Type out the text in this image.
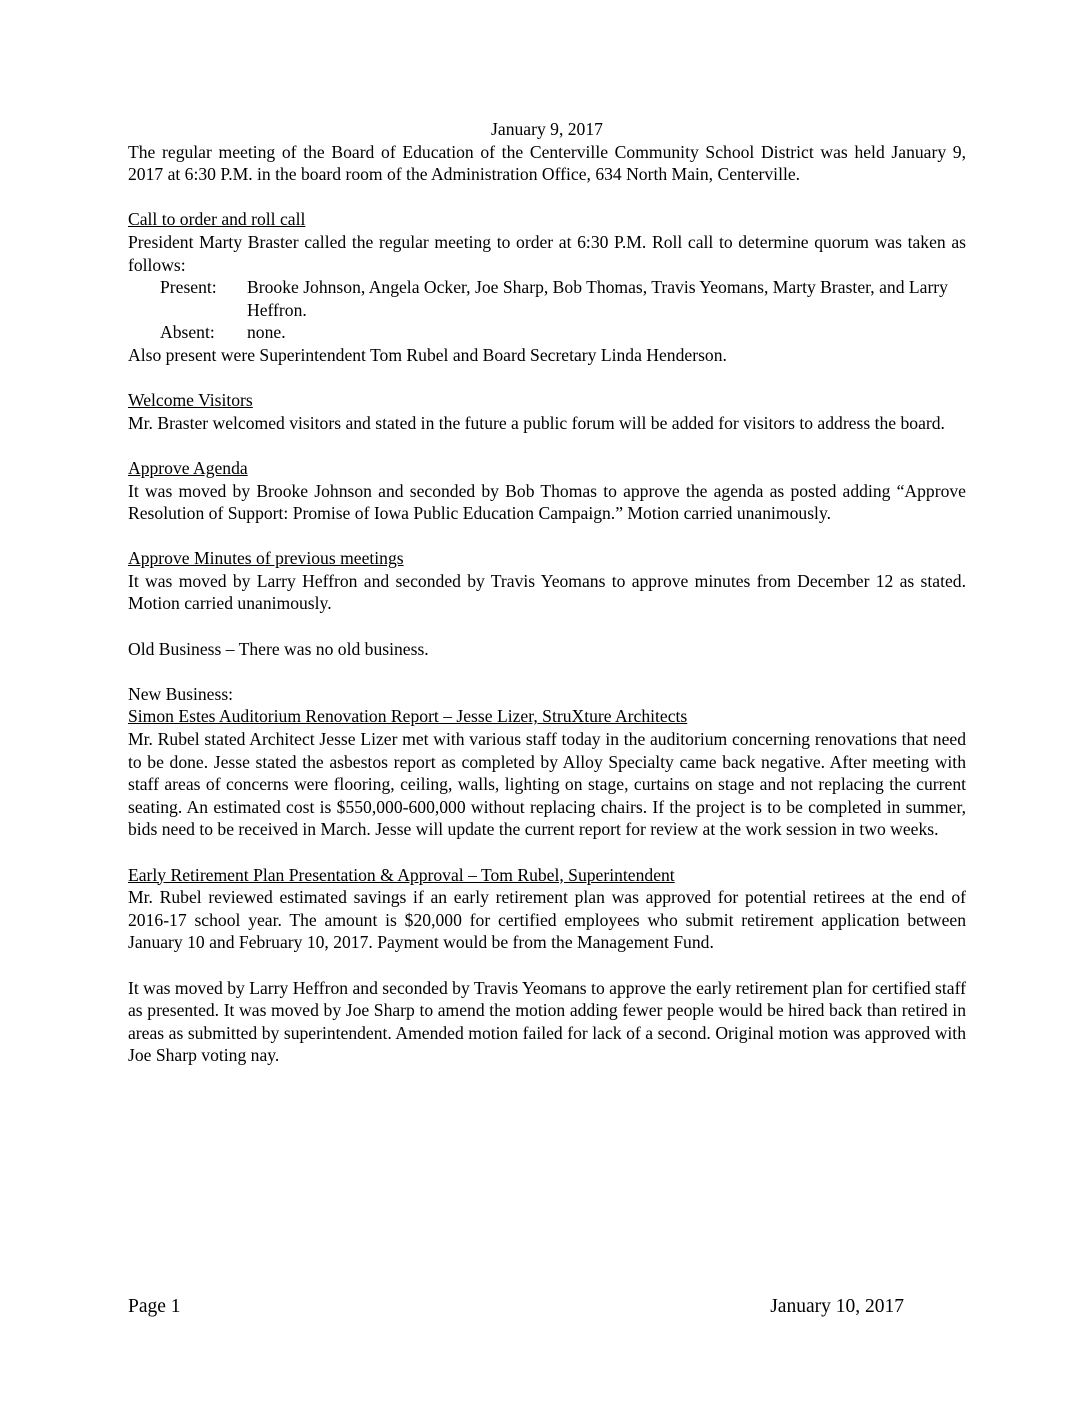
January 9, 2017

The regular meeting of the Board of Education of the Centerville Community School District was held January 9, 2017 at 6:30 P.M. in the board room of the Administration Office, 634 North Main, Centerville.

Call to order and roll call

President Marty Braster called the regular meeting to order at 6:30 P.M. Roll call to determine quorum was taken as follows:

Present:	Brooke Johnson, Angela Ocker, Joe Sharp, Bob Thomas, Travis Yeomans, Marty Braster, and Larry Heffron.
Absent:	none.

Also present were Superintendent Tom Rubel and Board Secretary Linda Henderson.

Welcome Visitors

Mr. Braster welcomed visitors and stated in the future a public forum will be added for visitors to address the board.

Approve Agenda

It was moved by Brooke Johnson and seconded by Bob Thomas to approve the agenda as posted adding “Approve Resolution of Support: Promise of Iowa Public Education Campaign.” Motion carried unanimously.

Approve Minutes of previous meetings

It was moved by Larry Heffron and seconded by Travis Yeomans to approve minutes from December 12 as stated. Motion carried unanimously.

Old Business – There was no old business.

New Business:

Simon Estes Auditorium Renovation Report – Jesse Lizer, StruXture Architects

Mr. Rubel stated Architect Jesse Lizer met with various staff today in the auditorium concerning renovations that need to be done. Jesse stated the asbestos report as completed by Alloy Specialty came back negative. After meeting with staff areas of concerns were flooring, ceiling, walls, lighting on stage, curtains on stage and not replacing the current seating. An estimated cost is $550,000-600,000 without replacing chairs. If the project is to be completed in summer, bids need to be received in March. Jesse will update the current report for review at the work session in two weeks.

Early Retirement Plan Presentation & Approval – Tom Rubel, Superintendent

Mr. Rubel reviewed estimated savings if an early retirement plan was approved for potential retirees at the end of 2016-17 school year. The amount is $20,000 for certified employees who submit retirement application between January 10 and February 10, 2017. Payment would be from the Management Fund.

It was moved by Larry Heffron and seconded by Travis Yeomans to approve the early retirement plan for certified staff as presented. It was moved by Joe Sharp to amend the motion adding fewer people would be hired back than retired in areas as submitted by superintendent. Amended motion failed for lack of a second. Original motion was approved with Joe Sharp voting nay.

Page 1	January 10, 2017
